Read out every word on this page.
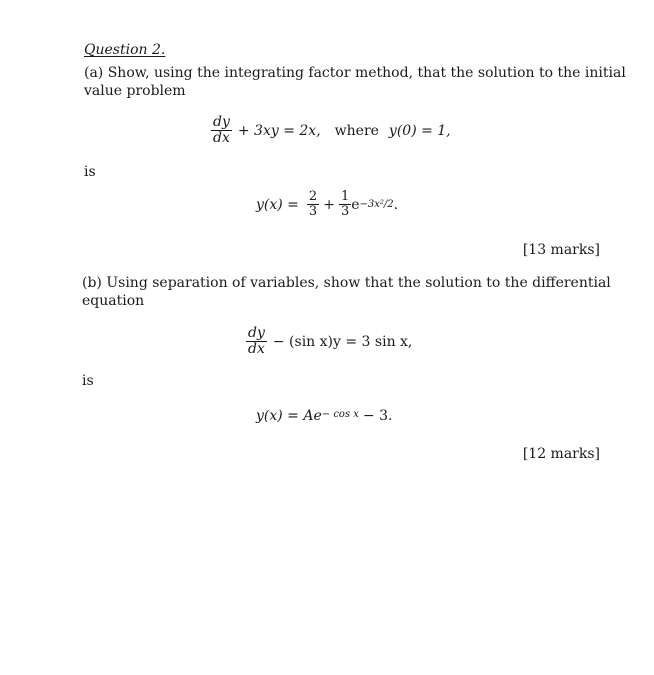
Question 2.
(a) Show, using the integrating factor method, that the solution to the initial
value problem
$\frac{dy}{dx} + 3xy = 2x$, where y(0) = 1,
is
$y(x) = \frac{2}{3} + \frac{1}{3}$ e −3x²/2 .
[13 marks]
(b) Using separation of variables, show that the solution to the differential
equation
$\frac{dy}{dx} - (\sin$ x)y = 3 sin x,
is
$y(x) = Ae^{- cos x} - 3$.
[12 marks]
